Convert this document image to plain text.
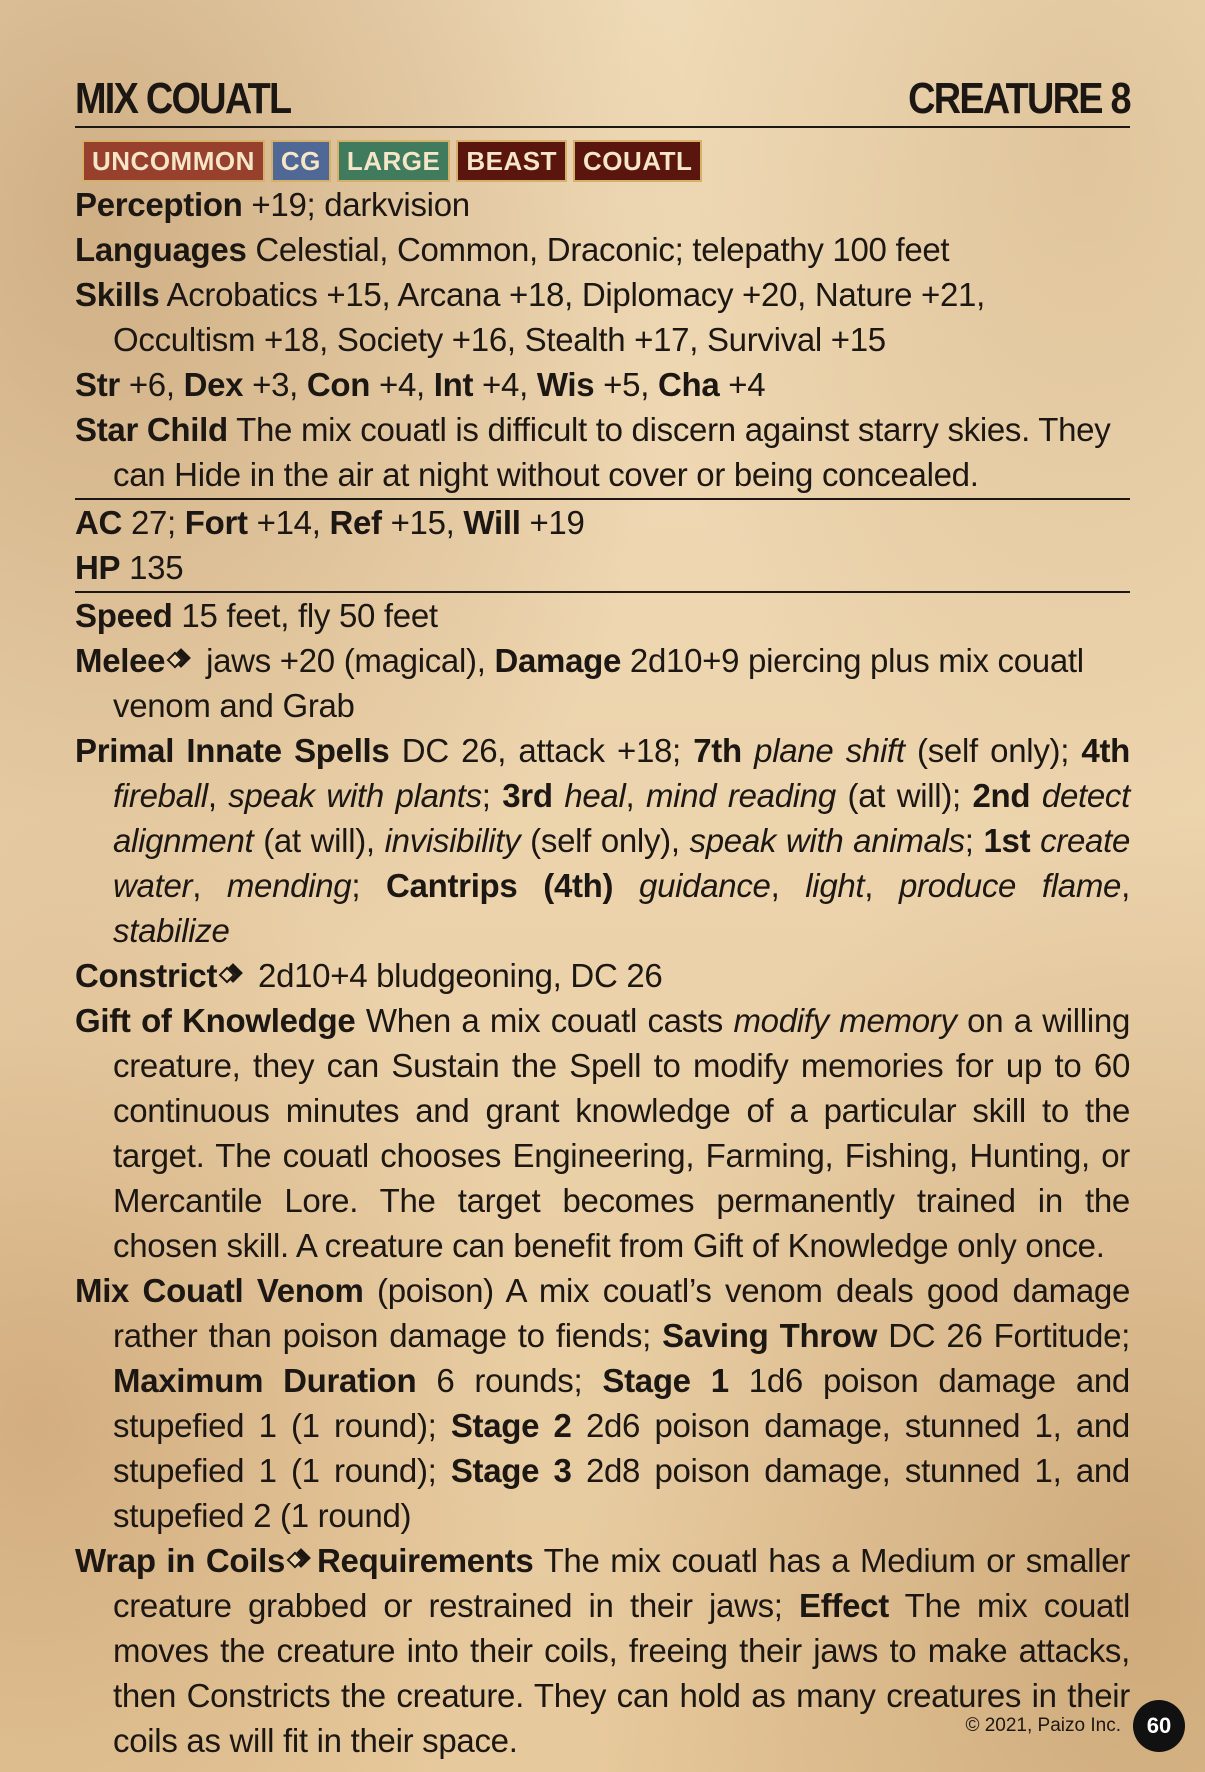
MIX COUATL	CREATURE 8
UNCOMMON	CG	LARGE	BEAST	COUATL

Perception +19; darkvision

Languages Celestial, Common, Draconic; telepathy 100 feet

Skills Acrobatics +15, Arcana +18, Diplomacy +20, Nature +21, Occultism +18, Society +16, Stealth +17, Survival +15

Str +6, Dex +3, Con +4, Int +4, Wis +5, Cha +4

Star Child The mix couatl is difficult to discern against starry skies. They can Hide in the air at night without cover or being concealed.

AC 27; Fort +14, Ref +15, Will +19

HP 135

Speed 15 feet, fly 50 feet

Melee jaws +20 (magical), Damage 2d10+9 piercing plus mix couatl venom and Grab

Primal Innate Spells DC 26, attack +18; 7th plane shift (self only); 4th fireball, speak with plants; 3rd heal, mind reading (at will); 2nd detect alignment (at will), invisibility (self only), speak with animals; 1st create water, mending; Cantrips (4th) guidance, light, produce flame, stabilize

Constrict 2d10+4 bludgeoning, DC 26

Gift of Knowledge When a mix couatl casts modify memory on a willing creature, they can Sustain the Spell to modify memories for up to 60 continuous minutes and grant knowledge of a particular skill to the target. The couatl chooses Engineering, Farming, Fishing, Hunting, or Mercantile Lore. The target becomes permanently trained in the chosen skill. A creature can benefit from Gift of Knowledge only once.

Mix Couatl Venom (poison) A mix couatl’s venom deals good damage rather than poison damage to fiends; Saving Throw DC 26 Fortitude; Maximum Duration 6 rounds; Stage 1 1d6 poison damage and stupefied 1 (1 round); Stage 2 2d6 poison damage, stunned 1, and stupefied 1 (1 round); Stage 3 2d8 poison damage, stunned 1, and stupefied 2 (1 round)

Wrap in Coils Requirements The mix couatl has a Medium or smaller creature grabbed or restrained in their jaws; Effect The mix couatl moves the creature into their coils, freeing their jaws to make attacks, then Constricts the creature. They can hold as many creatures in their coils as will fit in their space.	© 2021, Paizo Inc.	60
